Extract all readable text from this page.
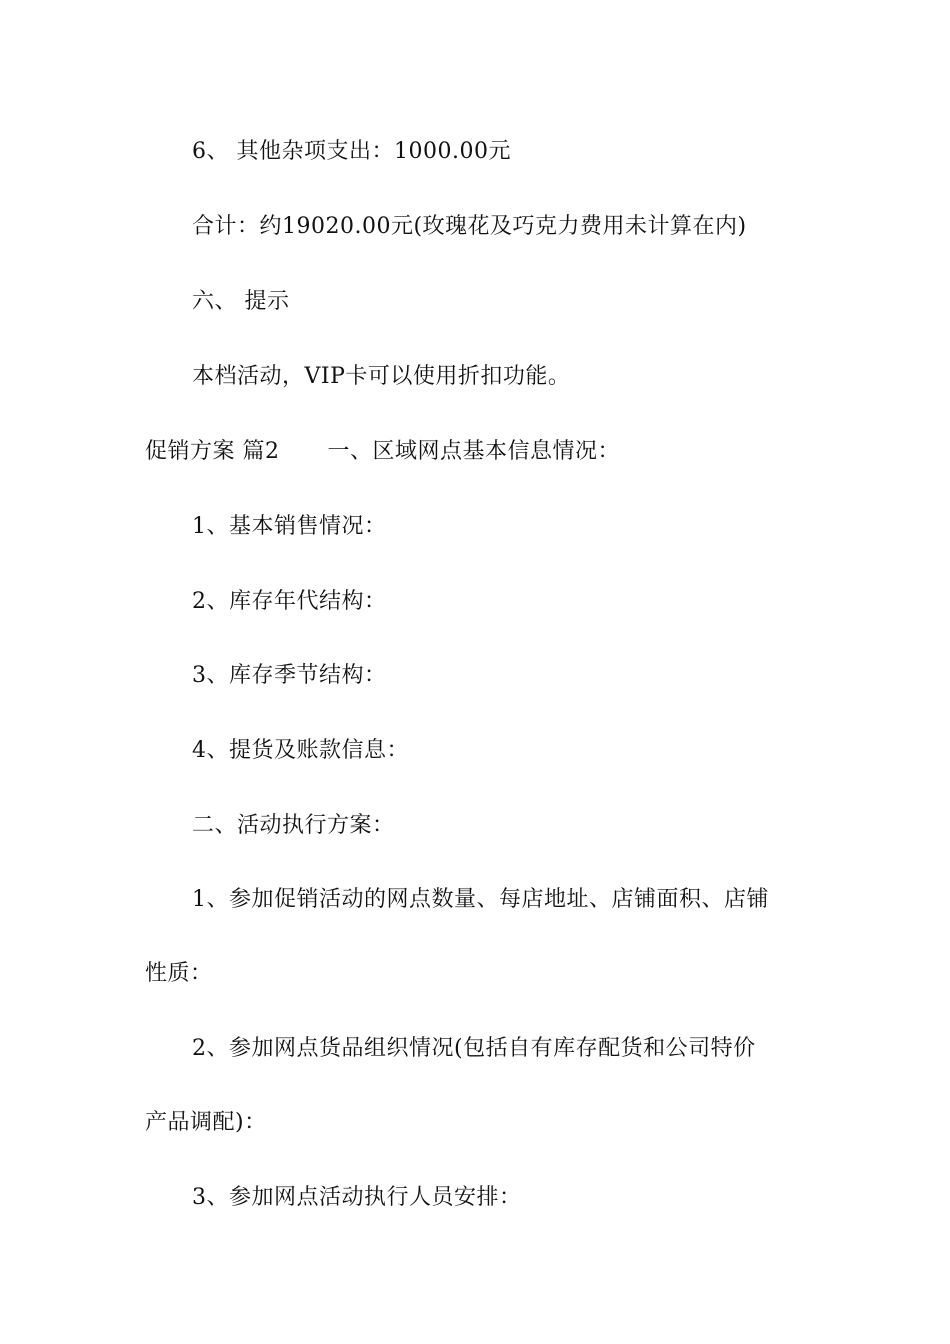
6、 其他杂项支出：1000.00元
合计：约19020.00元(玫瑰花及巧克力费用未计算在内)
六、 提示
本档活动，VIP卡可以使用折扣功能。
促销方案 篇2 一、区域网点基本信息情况：
1、基本销售情况：
2、库存年代结构：
3、库存季节结构：
4、提货及账款信息：
二、活动执行方案：
1、参加促销活动的网点数量、每店地址、店铺面积、店铺
性质：
2、参加网点货品组织情况(包括自有库存配货和公司特价
产品调配)：
3、参加网点活动执行人员安排：
